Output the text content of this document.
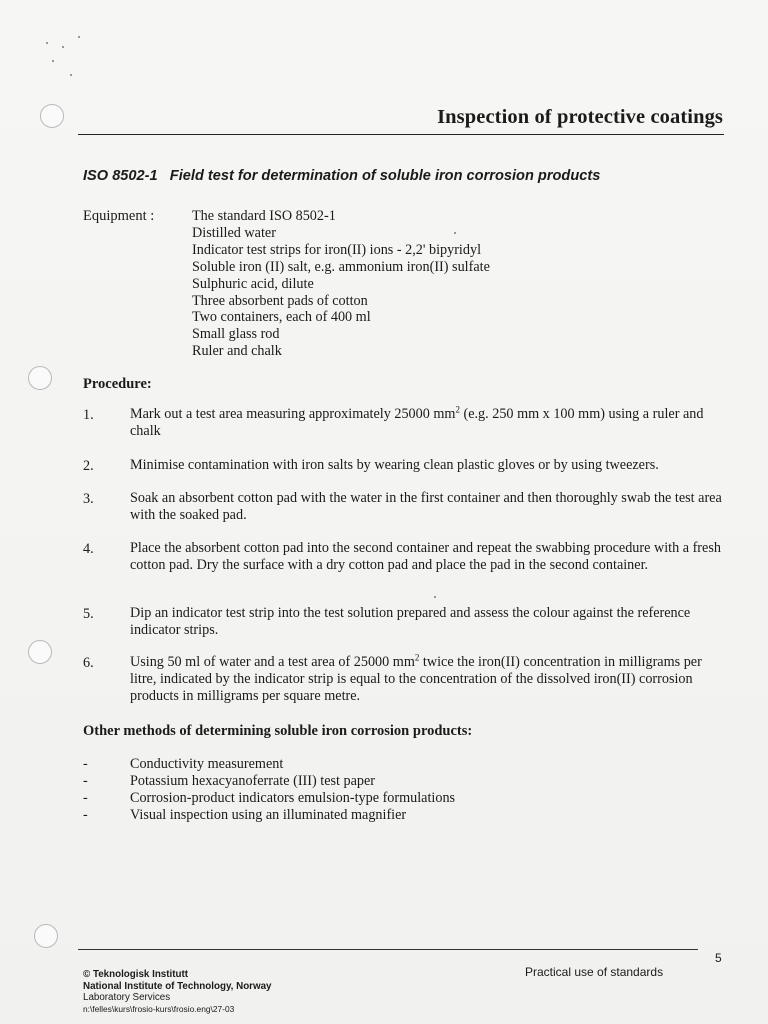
Inspection of protective coatings
ISO 8502-1   Field test for determination of soluble iron corrosion products
Equipment :	The standard ISO 8502-1
Distilled water
Indicator test strips for iron(II) ions - 2,2' bipyridyl
Soluble iron (II) salt, e.g. ammonium iron(II) sulfate
Sulphuric acid, dilute
Three absorbent pads of cotton
Two containers, each of 400 ml
Small glass rod
Ruler and chalk
Procedure:
1.	Mark out a test area measuring approximately 25000 $mm^2$ (e.g. 250 mm x 100 mm) using a ruler and chalk
2.	Minimise contamination with iron salts by wearing clean plastic gloves or by using tweezers.
3.	Soak an absorbent cotton pad with the water in the first container and then thoroughly swab the test area with the soaked pad.
4.	Place the absorbent cotton pad into the second container and repeat the swabbing procedure with a fresh cotton pad. Dry the surface with a dry cotton pad and place the pad in the second container.
5.	Dip an indicator test strip into the test solution prepared and assess the colour against the reference indicator strips.
6.	Using 50 ml of water and a test area of 25000 $mm^2$ twice the iron(II) concentration in milligrams per litre, indicated by the indicator strip is equal to the concentration of the dissolved iron(II) corrosion products in milligrams per square metre.
Other methods of determining soluble iron corrosion products:
-	Conductivity measurement
-	Potassium hexacyanoferrate (III) test paper
-	Corrosion-product indicators emulsion-type formulations
-	Visual inspection using an illuminated magnifier
5
© Teknologisk Institutt
National Institute of Technology, Norway
Laboratory Services
n:\felles\kurs\frosio-kurs\frosio.eng\27-03
Practical use of standards
